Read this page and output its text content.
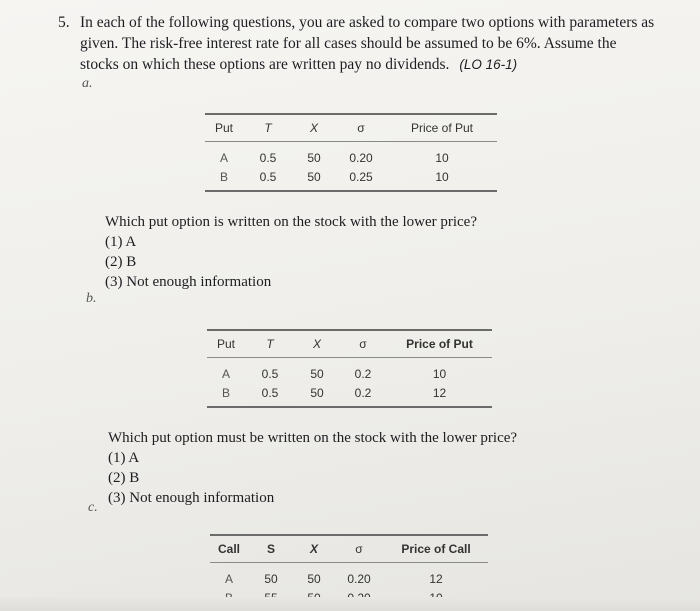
5. In each of the following questions, you are asked to compare two options with parameters as given. The risk-free interest rate for all cases should be assumed to be 6%. Assume the stocks on which these options are written pay no dividends. (LO 16-1)
a.
Put	T	X	σ	Price of Put
A	0.5	50	0.20	10
B	0.5	50	0.25	10
Which put option is written on the stock with the lower price?
(1) A
(2) B
(3) Not enough information
b.
Put	T	X	σ	Price of Put
A	0.5	50	0.2	10
B	0.5	50	0.2	12
Which put option must be written on the stock with the lower price?
(1) A
(2) B
(3) Not enough information
c.
Call	S	X	σ	Price of Call
A	50	50	0.20	12
